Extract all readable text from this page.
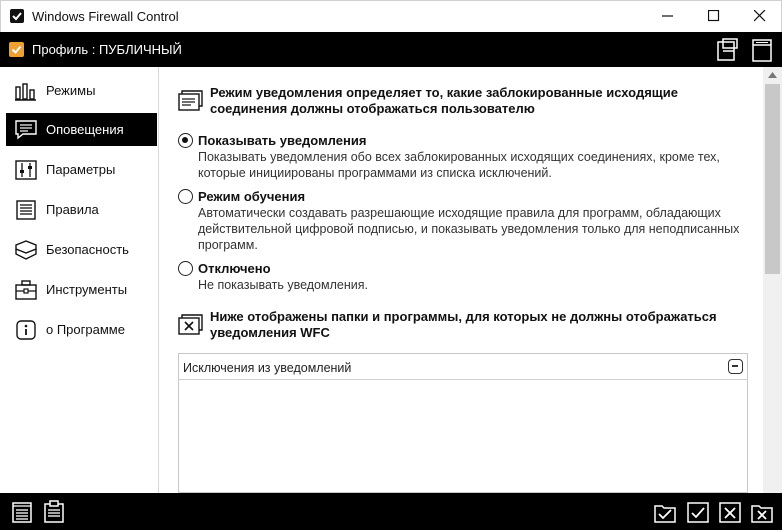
Windows Firewall Control
Профиль : ПУБЛИЧНЫЙ
Режимы
Оповещения
Параметры
Правила
Безопасность
Инструменты
о Программе
Режим уведомления определяет то, какие заблокированные исходящие соединения должны отображаться пользователю
Показывать уведомления
Показывать уведомления обо всех заблокированных исходящих соединениях, кроме тех, которые инициированы программами из списка исключений.
Режим обучения
Автоматически создавать разрешающие исходящие правила для программ, обладающих действительной цифровой подписью, и показывать уведомления только для неподписанных программ.
Отключено
Не показывать уведомления.
Ниже отображены папки и программы, для которых не должны отображаться уведомления WFC
Исключения из уведомлений
